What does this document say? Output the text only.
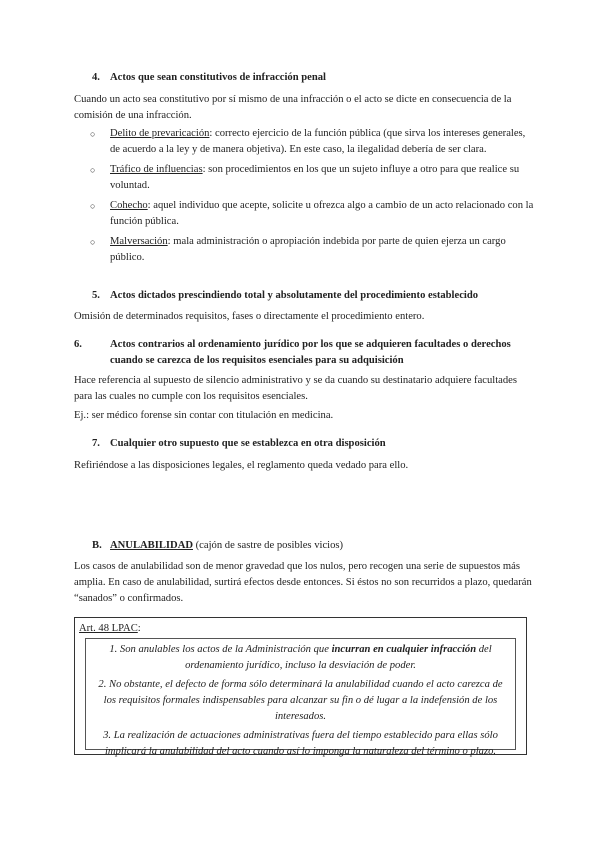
4. Actos que sean constitutivos de infracción penal

Cuando un acto sea constitutivo por sí mismo de una infracción o el acto se dicte en consecuencia de la comisión de una infracción.

○ Delito de prevaricación: correcto ejercicio de la función pública (que sirva los intereses generales, de acuerdo a la ley y de manera objetiva). En este caso, la ilegalidad debería de ser clara.
○ Tráfico de influencias: son procedimientos en los que un sujeto influye a otro para que realice su voluntad.
○ Cohecho: aquel individuo que acepte, solicite u ofrezca algo a cambio de un acto relacionado con la función pública.
○ Malversación: mala administración o apropiación indebida por parte de quien ejerza un cargo público.

5. Actos dictados prescindiendo total y absolutamente del procedimiento establecido

Omisión de determinados requisitos, fases o directamente el procedimiento entero.

6.	Actos contrarios al ordenamiento jurídico por los que se adquieren facultades o derechos cuando se carezca de los requisitos esenciales para su adquisición

Hace referencia al supuesto de silencio administrativo y se da cuando su destinatario adquiere facultades para las cuales no cumple con los requisitos esenciales.

Ej.: ser médico forense sin contar con titulación en medicina.

7. Cualquier otro supuesto que se establezca en otra disposición

Refiriéndose a las disposiciones legales, el reglamento queda vedado para ello.

B. ANULABILIDAD (cajón de sastre de posibles vicios)

Los casos de anulabilidad son de menor gravedad que los nulos, pero recogen una serie de supuestos más amplia. En caso de anulabilidad, surtirá efectos desde entonces. Si éstos no son recurridos a plazo, quedarán “sanados” o confirmados.

Art. 48 LPAC:

1. Son anulables los actos de la Administración que incurran en cualquier infracción del ordenamiento jurídico, incluso la desviación de poder.

2. No obstante, el defecto de forma sólo determinará la anulabilidad cuando el acto carezca de los requisitos formales indispensables para alcanzar su fin o dé lugar a la indefensión de los interesados.

3. La realización de actuaciones administrativas fuera del tiempo establecido para ellas sólo implicará la anulabilidad del acto cuando así lo imponga la naturaleza del término o plazo.
